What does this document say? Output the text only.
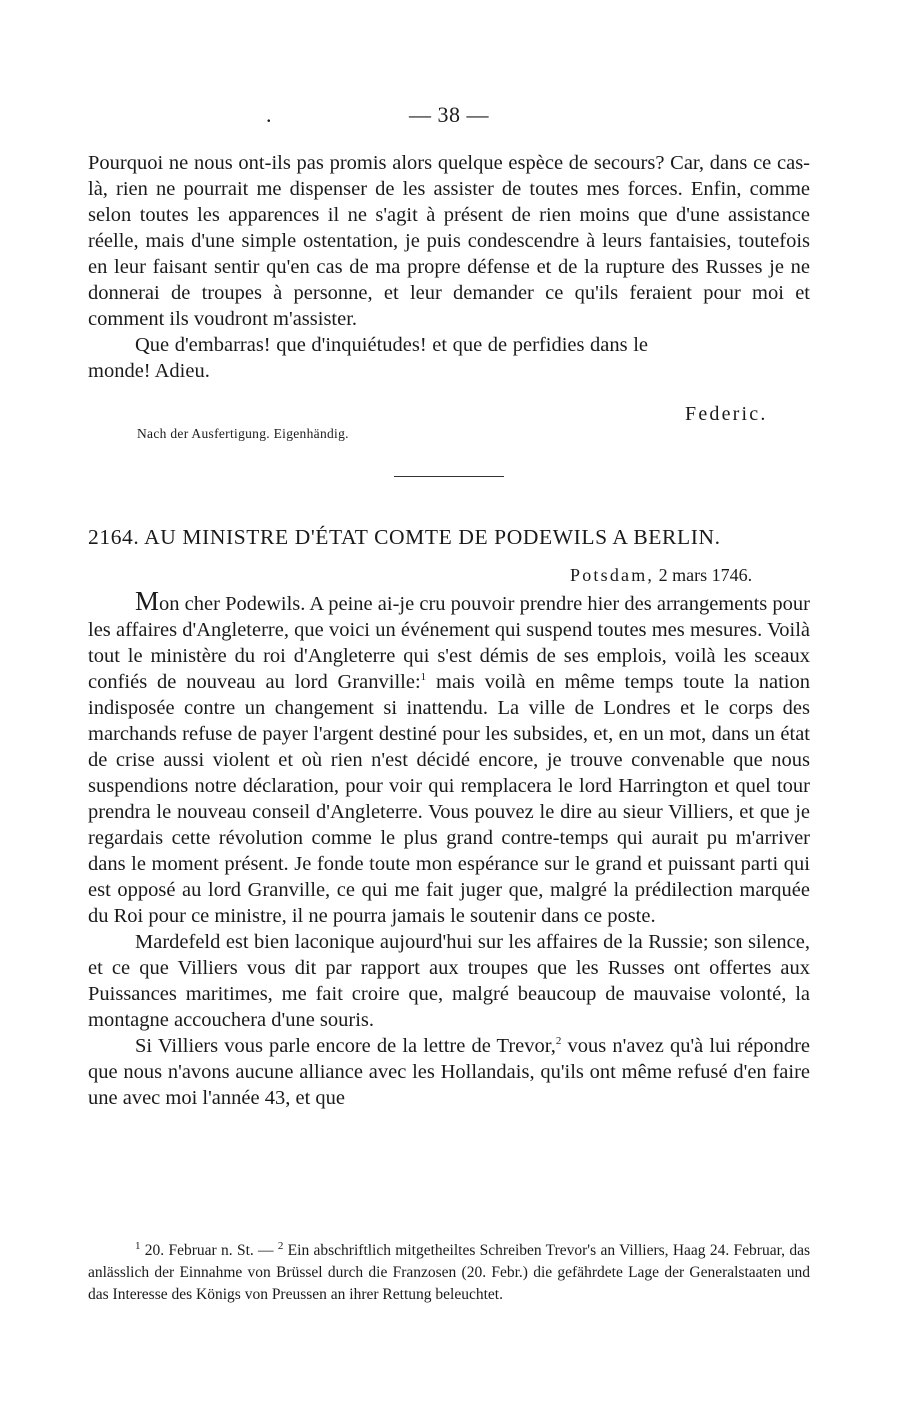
.	— 38 —

Pourquoi ne nous ont-ils pas promis alors quelque espèce de secours? Car, dans ce cas-là, rien ne pourrait me dispenser de les assister de toutes mes forces. Enfin, comme selon toutes les apparences il ne s'agit à présent de rien moins que d'une assistance réelle, mais d'une simple ostentation, je puis condescendre à leurs fantaisies, toutefois en leur faisant sentir qu'en cas de ma propre défense et de la rupture des Russes je ne donnerai de troupes à personne, et leur demander ce qu'ils feraient pour moi et comment ils voudront m'assister.

Que d'embarras! que d'inquiétudes! et que de perfidies dans le monde! Adieu.

Federic.
Nach der Ausfertigung. Eigenhändig.
2164. AU MINISTRE D'ÉTAT COMTE DE PODEWILS A BERLIN.
Potsdam, 2 mars 1746.

Mon cher Podewils. A peine ai-je cru pouvoir prendre hier des arrangements pour les affaires d'Angleterre, que voici un événement qui suspend toutes mes mesures. Voilà tout le ministère du roi d'Angleterre qui s'est démis de ses emplois, voilà les sceaux confiés de nouveau au lord Granville:$^1$ mais voilà en même temps toute la nation indisposée contre un changement si inattendu. La ville de Londres et le corps des marchands refuse de payer l'argent destiné pour les subsides, et, en un mot, dans un état de crise aussi violent et où rien n'est décidé encore, je trouve convenable que nous suspendions notre déclaration, pour voir qui remplacera le lord Harrington et quel tour prendra le nouveau conseil d'Angleterre. Vous pouvez le dire au sieur Villiers, et que je regardais cette révolution comme le plus grand contre-temps qui aurait pu m'arriver dans le moment présent. Je fonde toute mon espérance sur le grand et puissant parti qui est opposé au lord Granville, ce qui me fait juger que, malgré la prédilection marquée du Roi pour ce ministre, il ne pourra jamais le soutenir dans ce poste.

Mardefeld est bien laconique aujourd'hui sur les affaires de la Russie; son silence, et ce que Villiers vous dit par rapport aux troupes que les Russes ont offertes aux Puissances maritimes, me fait croire que, malgré beaucoup de mauvaise volonté, la montagne accouchera d'une souris.

Si Villiers vous parle encore de la lettre de Trevor,$^2$ vous n'avez qu'à lui répondre que nous n'avons aucune alliance avec les Hollandais, qu'ils ont même refusé d'en faire une avec moi l'année 43, et que

$^1$ 20. Februar n. St. — $^2$ Ein abschriftlich mitgetheiltes Schreiben Trevor's an Villiers, Haag 24. Februar, das anlässlich der Einnahme von Brüssel durch die Franzosen (20. Febr.) die gefährdete Lage der Generalstaaten und das Interesse des Königs von Preussen an ihrer Rettung beleuchtet.
